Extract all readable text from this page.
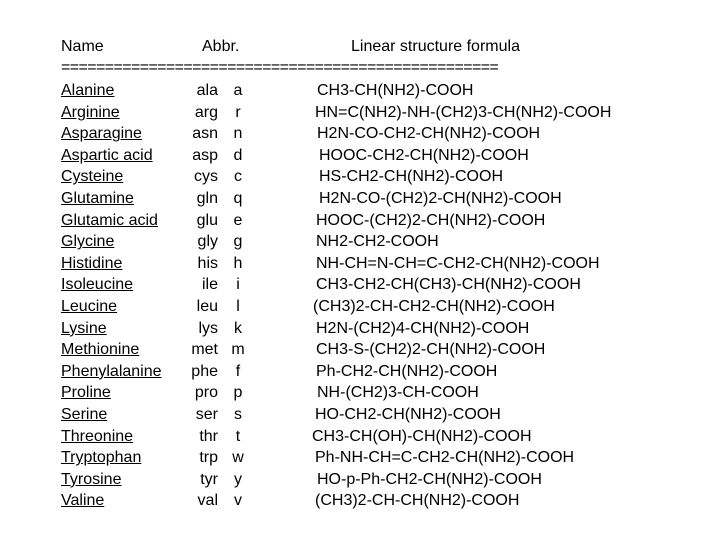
Name	Abbr.	Linear structure formula
==================================================
Alanine	ala a	CH3-CH(NH2)-COOH
Arginine	arg	r	HN=C(NH2)-NH-(CH2)3-CH(NH2)-COOH
Asparagine	asn n	H2N-CO-CH2-CH(NH2)-COOH
Aspartic acid	asp d	HOOC-CH2-CH(NH2)-COOH
Cysteine	cys	c	HS-CH2-CH(NH2)-COOH
Glutamine	gln q	H2N-CO-(CH2)2-CH(NH2)-COOH
Glutamic acid	glu e	HOOC-(CH2)2-CH(NH2)-COOH
Glycine	gly g	NH2-CH2-COOH
Histidine	his h	NH-CH=N-CH=C-CH2-CH(NH2)-COOH
Isoleucine	ile	i	CH3-CH2-CH(CH3)-CH(NH2)-COOH
Leucine	leu	l	(CH3)2-CH-CH2-CH(NH2)-COOH
Lysine	lys	k	H2N-(CH2)4-CH(NH2)-COOH
Methionine	met m	CH3-S-(CH2)2-CH(NH2)-COOH
Phenylalanine	phe	f	Ph-CH2-CH(NH2)-COOH
Proline	pro p	NH-(CH2)3-CH-COOH
Serine	ser	s	HO-CH2-CH(NH2)-COOH
Threonine	thr	t	CH3-CH(OH)-CH(NH2)-COOH
Tryptophan	trp w	Ph-NH-CH=C-CH2-CH(NH2)-COOH
Tyrosine	tyr	y	HO-p-Ph-CH2-CH(NH2)-COOH
Valine	val	v	(CH3)2-CH-CH(NH2)-COOH
